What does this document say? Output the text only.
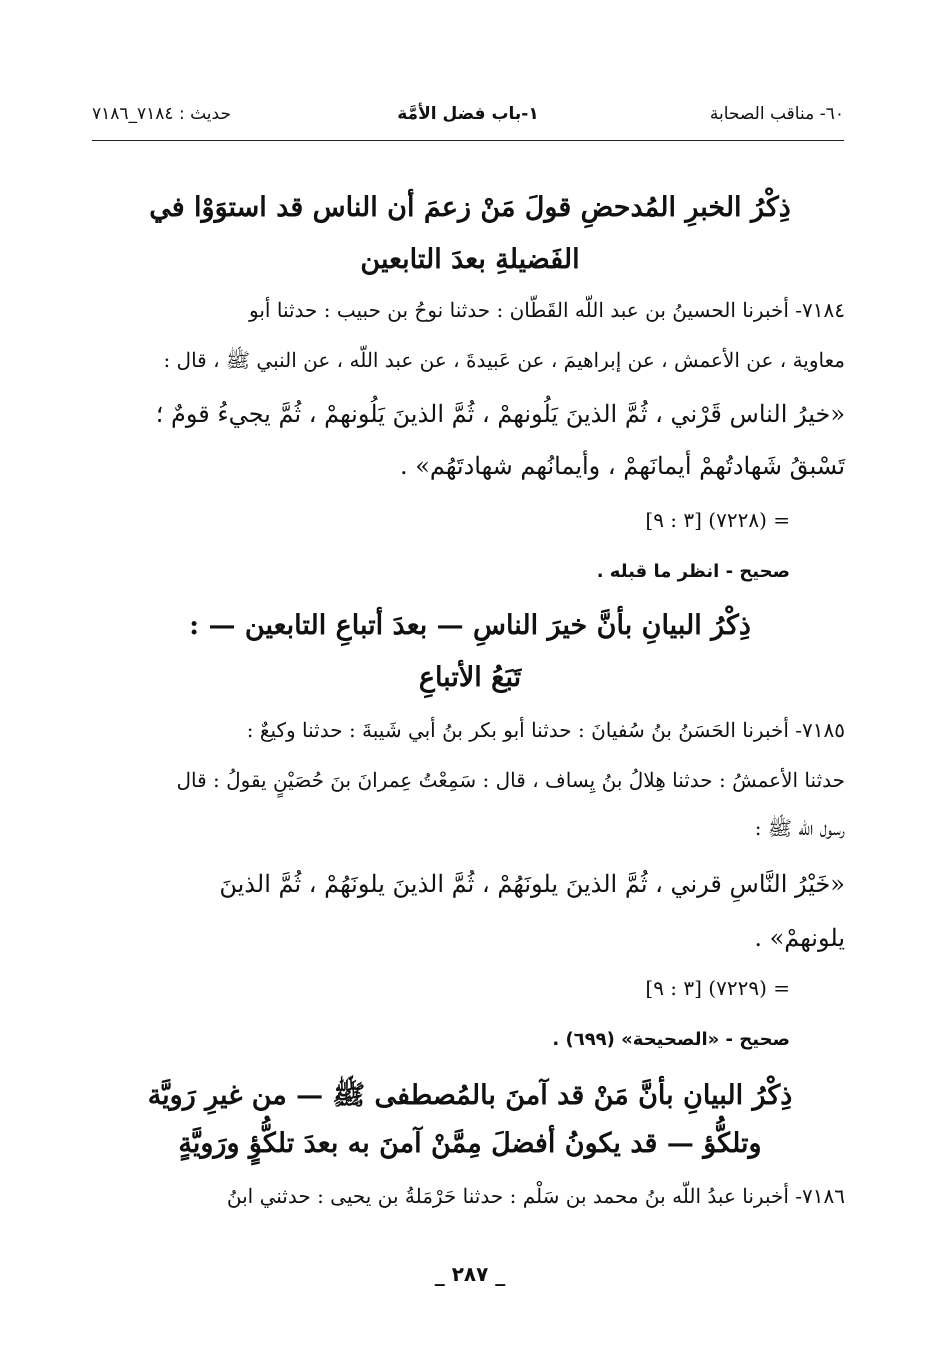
٦٠- مناقب الصحابة
١-باب فضل الأمَّة
حديث : ٧١٨٤_٧١٨٦
ذِكْرُ الخبرِ المُدحضِ قولَ مَنْ زعمَ أن الناس قد استوَوْا في
الفَضيلةِ بعدَ التابعين

٧١٨٤- أخبرنا الحسينُ بن عبد اللّه القَطّان : حدثنا نوحُ بن حبيب : حدثنا أبو

معاوية ، عن الأعمش ، عن إبراهيمَ ، عن عَبيدةَ ، عن عبد اللّه ، عن النبي ﷺ ، قال :

«خيرُ الناس قَرْني ، ثُمَّ الذينَ يَلُونهمْ ، ثُمَّ الذينَ يَلُونهمْ ، ثُمَّ يجيءُ قومٌ ؛

تَسْبقُ شَهادتُهمْ أيمانَهمْ ، وأيمانُهم شهادتَهُم» .

= (٧٢٢٨) [٣ : ٩]

صحيح - انظر ما قبله .

ذِكْرُ البيانِ بأنَّ خيرَ الناسِ — بعدَ أتباعِ التابعين — :
تَبَعُ الأتباعِ

٧١٨٥- أخبرنا الحَسَنُ بنُ سُفيانَ : حدثنا أبو بكر بنُ أبي شَيبةَ : حدثنا وكيعٌ :

حدثنا الأعمشُ : حدثنا هِلالُ بنُ يِساف ، قال : سَمِعْتُ عِمرانَ بنَ حُصَيْنٍ يقولُ : قال

رسول اللّه ﷺ :

«خَيْرُ النَّاسِ قرني ، ثُمَّ الذينَ يلونَهُمْ ، ثُمَّ الذينَ يلونَهُمْ ، ثُمَّ الذينَ

يلونهمْ» .

= (٧٢٢٩) [٣ : ٩]

صحيح - «الصحيحة» (٦٩٩) .

ذِكْرُ البيانِ بأنَّ مَنْ قد آمنَ بالمُصطفى ﷺ — من غيرِ رَويَّة
وتلكُّؤ — قد يكونُ أفضلَ مِمَّنْ آمنَ به بعدَ تلكُّؤٍ ورَويَّةٍ

٧١٨٦- أخبرنا عبدُ اللّه بنُ محمد بن سَلْم : حدثنا حَرْمَلةُ بن يحيى : حدثني ابنُ

_ ٢٨٧ _
